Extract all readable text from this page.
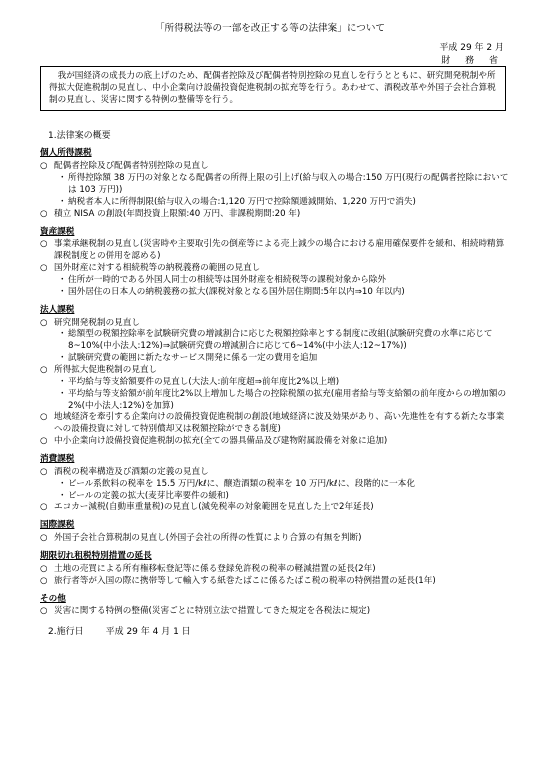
「所得税法等の一部を改正する等の法律案」について
平成 29 年 2 月
財 務 省

我が国経済の成長力の底上げのため、配偶者控除及び配偶者特別控除の見直しを行うとともに、研究開発税制や所得拡大促進税制の見直し、中小企業向け設備投資促進税制の拡充等を行う。あわせて、酒税改革や外国子会社合算税制の見直し、災害に関する特例の整備等を行う。

1.法律案の概要
個人所得課税
○ 配偶者控除及び配偶者特別控除の見直し
・ 所得控除額 38 万円の対象となる配偶者の所得上限の引上げ(給与収入の場合:150 万円(現行の配偶者控除においては 103 万円))
・ 納税者本人に所得制限(給与収入の場合:1,120 万円で控除額逓減開始、1,220 万円で消失)
○ 積立 NISA の創設(年間投資上限額:40 万円、非課税期間:20 年)
資産課税
○ 事業承継税制の見直し(災害時や主要取引先の倒産等による売上減少の場合における雇用確保要件を緩和、相続時精算課税制度との併用を認める)
○ 国外財産に対する相続税等の納税義務の範囲の見直し
・ 住所が一時的である外国人同士の相続等は国外財産を相続税等の課税対象から除外
・ 国外居住の日本人の納税義務の拡大(課税対象となる国外居住期間:5年以内⇒10 年以内)
法人課税
○ 研究開発税制の見直し
・ 総額型の税額控除率を試験研究費の増減割合に応じた税額控除率とする制度に改組(試験研究費の水準に応じて8~10%(中小法人:12%)⇒試験研究費の増減割合に応じて6~14%(中小法人:12~17%))
・ 試験研究費の範囲に新たなサービス開発に係る一定の費用を追加
○ 所得拡大促進税制の見直し
・ 平均給与等支給額要件の見直し(大法人:前年度超⇒前年度比2%以上増)
・ 平均給与等支給額が前年度比2%以上増加した場合の控除税額の拡充(雇用者給与等支給額の前年度からの増加額の2%(中小法人:12%)を加算)
○ 地域経済を牽引する企業向けの設備投資促進税制の創設(地域経済に波及効果があり、高い先進性を有する新たな事業への設備投資に対して特別償却又は税額控除ができる制度)
○ 中小企業向け設備投資促進税制の拡充(全ての器具備品及び建物附属設備を対象に追加)
消費課税
○ 酒税の税率構造及び酒類の定義の見直し
・ ビール系飲料の税率を 15.5 万円/kℓに、醸造酒類の税率を 10 万円/kℓに、段階的に一本化
・ ビールの定義の拡大(麦芽比率要件の緩和)
○ エコカー減税(自動車重量税)の見直し(減免税率の対象範囲を見直した上で2年延長)
国際課税
○ 外国子会社合算税制の見直し(外国子会社の所得の性質により合算の有無を判断)
期限切れ租税特別措置の延長
○ 土地の売買による所有権移転登記等に係る登録免許税の税率の軽減措置の延長(2年)
○ 旅行者等が入国の際に携帯等して輸入する紙巻たばこに係るたばこ税の税率の特例措置の延長(1年)
その他
○ 災害に関する特例の整備(災害ごとに特別立法で措置してきた規定を各税法に規定)
2.施行日 平成 29 年 4 月 1 日
